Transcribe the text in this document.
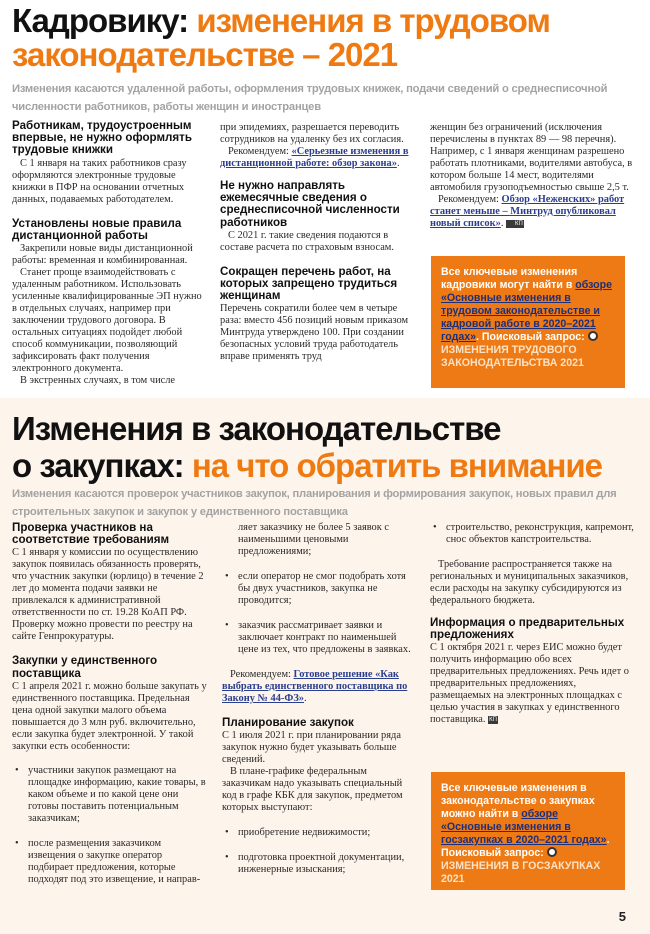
Кадровику: изменения в трудовом
законодательстве – 2021
Изменения касаются удаленной работы, оформления трудовых книжек, подачи сведений о среднесписочной численности работников, работы женщин и иностранцев
Работникам, трудоустроенным впервые, не нужно оформлять трудовые книжки

С 1 января на таких работников сразу оформляются электронные трудовые книжки в ПФР на основании отчетных данных, подаваемых работодателем.

Установлены новые правила дистанционной работы

Закрепили новые виды дистанционной работы: временная и комбинированная.

Станет проще взаимодействовать с удаленным работником. Использовать усиленные квалифицированные ЭП нужно в отдельных случаях, например при заключении трудового договора. В остальных ситуациях подойдет любой способ коммуникации, позволяющий зафиксировать факт получения электронного документа.

В экстренных случаях, в том числе

при эпидемиях, разрешается переводить сотрудников на удаленку без их согласия.

Рекомендуем: «Серьезные изменения в дистанционной работе: обзор закона».

Не нужно направлять ежемесячные сведения о среднесписочной численности работников

С 2021 г. такие сведения подаются в составе расчета по страховым взносам.

Сокращен перечень работ, на которых запрещено трудиться женщинам

Перечень сократили более чем в четыре раза: вместо 456 позиций новым приказом Минтруда утверждено 100. При создании безопасных условий труда работодатель вправе применять труд

женщин без ограничений (исключения перечислены в пунктах 89 — 98 перечня). Например, с 1 января женщинам разрешено работать плотниками, водителями автобуса, в котором больше 14 мест, водителями автомобиля грузоподъемностью свыше 2,5 т.

Рекомендуем: Обзор «Неженских» работ станет меньше – Минтруд опубликовал новый список». КП

Все ключевые изменения кадровики могут найти в обзоре «Основные изменения в трудовом законодательстве и кадровой работе в 2020–2021 годах». Поисковый запрос: ИЗМЕНЕНИЯ ТРУДОВОГО ЗАКОНОДАТЕЛЬСТВА 2021
Изменения в законодательстве
о закупках: на что обратить внимание
Изменения касаются проверок участников закупок, планирования и формирования закупок, новых правил для строительных закупок и закупок у единственного поставщика
Проверка участников на соответствие требованиям

С 1 января у комиссии по осуществлению закупок появилась обязанность проверять, что участник закупки (юрлицо) в течение 2 лет до момента подачи заявки не привлекался к административной ответственности по ст. 19.28 КоАП РФ. Проверку можно провести по реестру на сайте Генпрокуратуры.

Закупки у единственного поставщика

С 1 апреля 2021 г. можно больше закупать у единственного поставщика. Предельная цена одной закупки малого объема повышается до 3 млн руб. включительно, если закупка будет электронной. У такой закупки есть особенности:

• участники закупок размещают на площадке информацию, какие товары, в каком объеме и по какой цене они готовы поставить потенциальным заказчикам;
• после размещения заказчиком извещения о закупке оператор подбирает предложения, которые подходят под это извещение, и направ-

ляет заказчику не более 5 заявок с наименьшими ценовыми предложениями;

• если оператор не смог подобрать хотя бы двух участников, закупка не проводится;
• заказчик рассматривает заявки и заключает контракт по наименьшей цене из тех, что предложены в заявках.

Рекомендуем: Готовое решение «Как выбрать единственного поставщика по Закону № 44-ФЗ».

Планирование закупок

С 1 июля 2021 г. при планировании ряда закупок нужно будет указывать больше сведений.

В плане-графике федеральным заказчикам надо указывать специальный код в графе КБК для закупок, предметом которых выступают:

• приобретение недвижимости;
• подготовка проектной документации, инженерные изыскания;
• строительство, реконструкция, капремонт, снос объектов капстроительства.

Требование распространяется также на региональных и муниципальных заказчиков, если расходы на закупку субсидируются из федерального бюджета.

Информация о предварительных предложениях

С 1 октября 2021 г. через ЕИС можно будет получить информацию обо всех предварительных предложениях. Речь идет о предварительных предложениях, размещаемых на электронных площадках с целью участия в закупках у единственного поставщика. КП

Все ключевые изменения в законодательстве о закупках можно найти в обзоре «Основные изменения в госзакупках в 2020–2021 годах». Поисковый запрос: ИЗМЕНЕНИЯ В ГОСЗАКУПКАХ 2021
5
